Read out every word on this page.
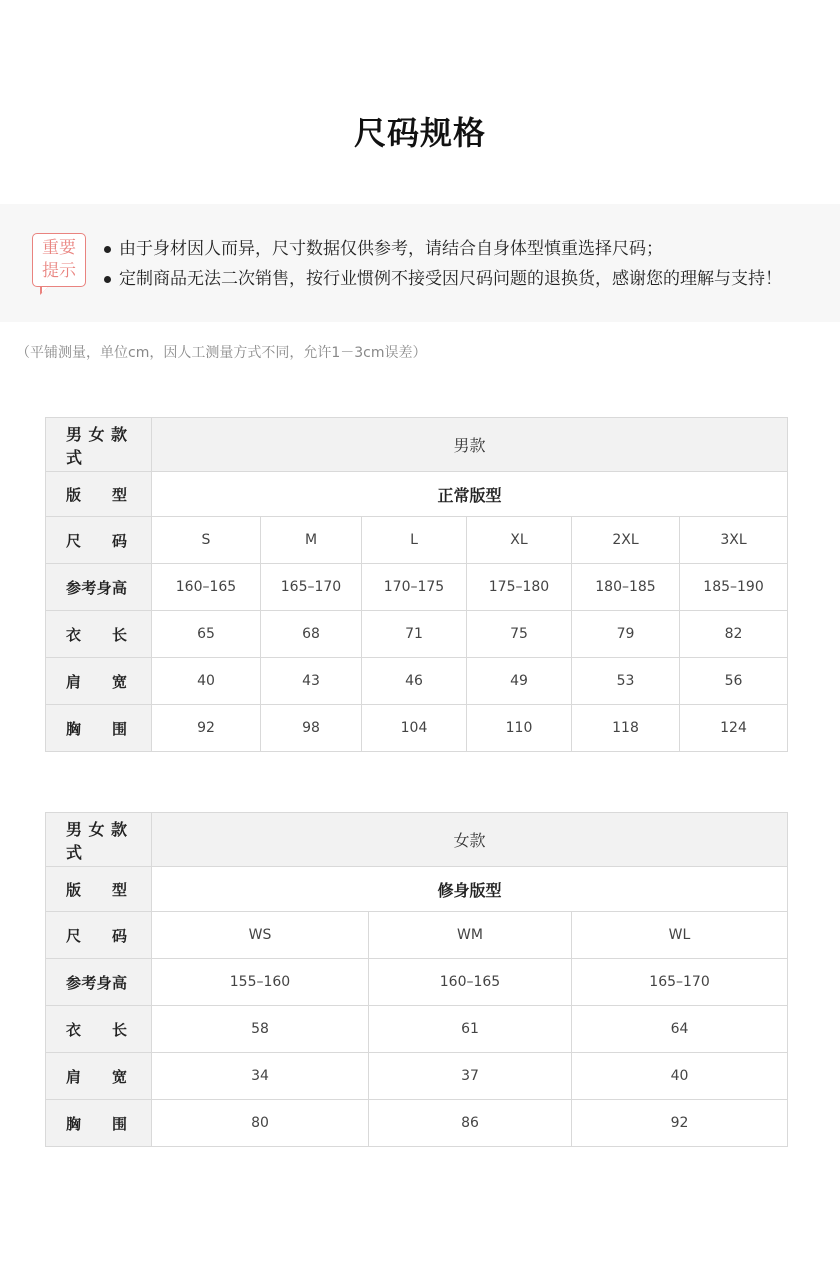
尺码规格
重要
提示
由于身材因人而异，尺寸数据仅供参考，请结合自身体型慎重选择尺码；
定制商品无法二次销售，按行业惯例不接受因尺码问题的退换货，感谢您的理解与支持！
（平铺测量，单位cm，因人工测量方式不同，允许1－3cm误差）
男女款式	男款					
版　型	正常版型					
尺　码	S	M	L	XL	2XL	3XL
参考身高	160–165	165–170	170–175	175–180	180–185	185–190
衣　长	65	68	71	75	79	82
肩　宽	40	43	46	49	53	56
胸　围	92	98	104	110	118	124
男女款式	女款		
版　型	修身版型		
尺　码	WS	WM	WL
参考身高	155–160	160–165	165–170
衣　长	58	61	64
肩　宽	34	37	40
胸　围	80	86	92
